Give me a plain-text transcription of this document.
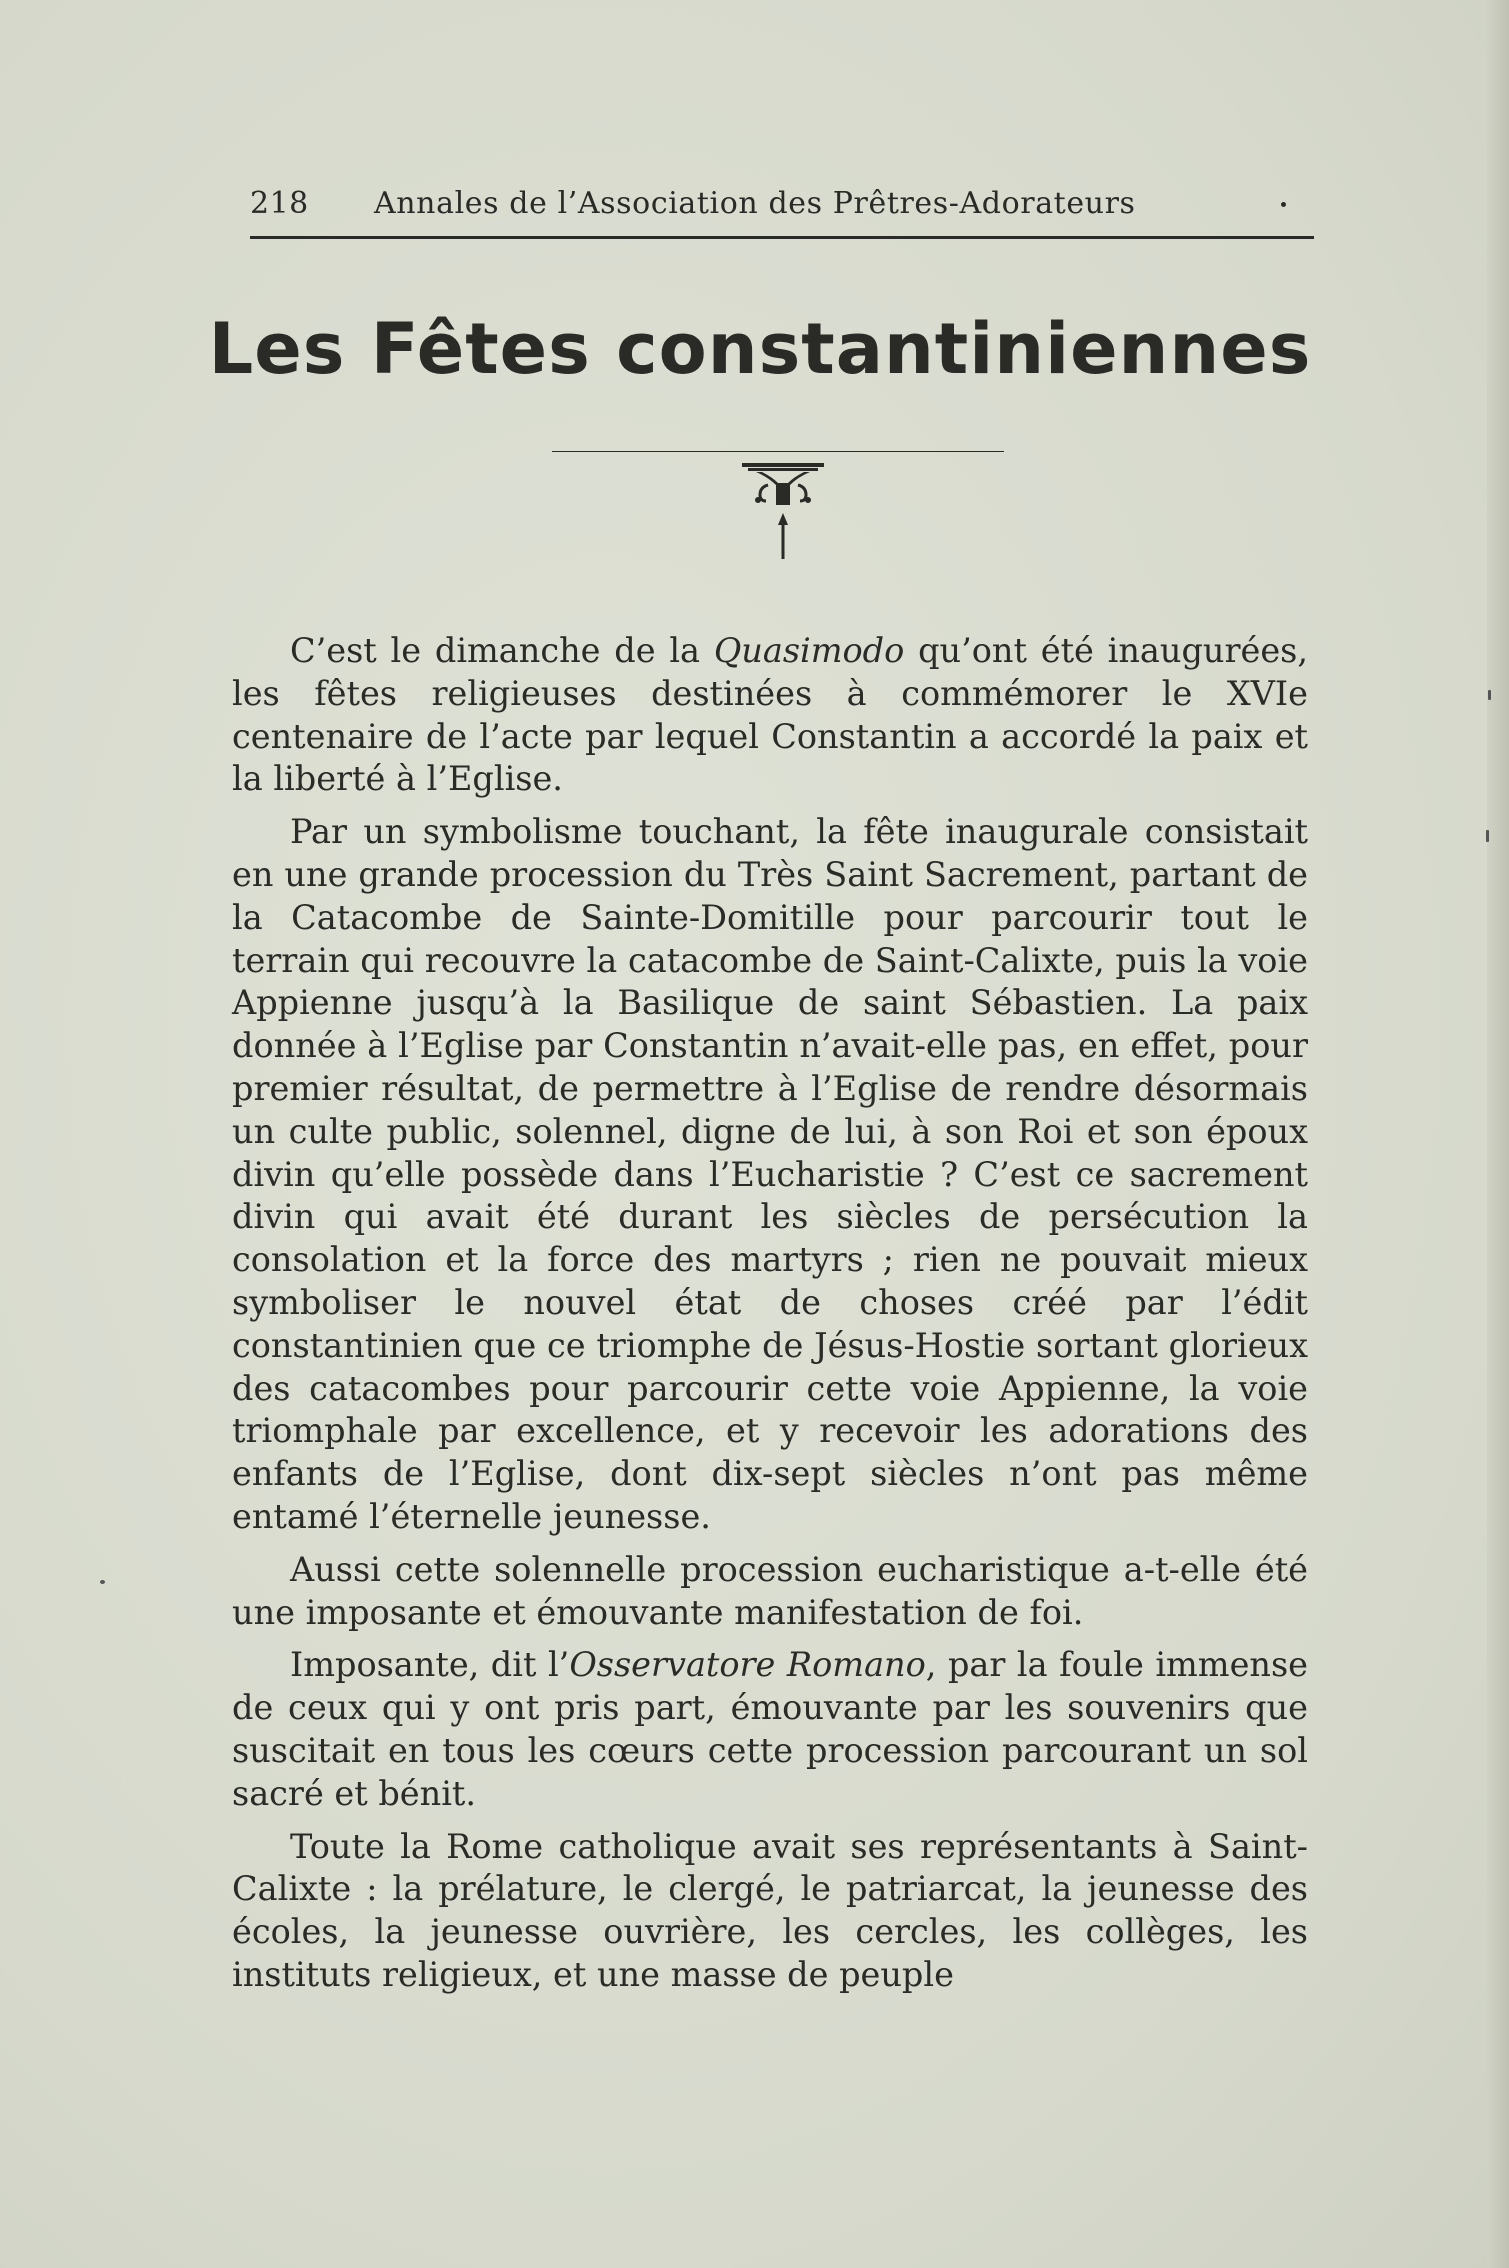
218 Annales de l’Association des Prêtres-Adorateurs
Les Fêtes constantiniennes

C’est le dimanche de la Quasimodo qu’ont été inaugurées, les fêtes religieuses destinées à commémorer le XVIe centenaire de l’acte par lequel Constantin a accordé la paix et la liberté à l’Eglise.

Par un symbolisme touchant, la fête inaugurale consistait en une grande procession du Très Saint Sacrement, partant de la Catacombe de Sainte-Domitille pour parcourir tout le terrain qui recouvre la catacombe de Saint-Calixte, puis la voie Appienne jusqu’à la Basilique de saint Sébastien. La paix donnée à l’Eglise par Constantin n’avait-elle pas, en effet, pour premier résultat, de permettre à l’Eglise de rendre désormais un culte public, solennel, digne de lui, à son Roi et son époux divin qu’elle possède dans l’Eucharistie ? C’est ce sacrement divin qui avait été durant les siècles de persécution la consolation et la force des martyrs ; rien ne pouvait mieux symboliser le nouvel état de choses créé par l’édit constantinien que ce triomphe de Jésus-Hostie sortant glorieux des catacombes pour parcourir cette voie Appienne, la voie triomphale par excellence, et y recevoir les adorations des enfants de l’Eglise, dont dix-sept siècles n’ont pas même entamé l’éternelle jeunesse.

Aussi cette solennelle procession eucharistique a-t-elle été une imposante et émouvante manifestation de foi.

Imposante, dit l’Osservatore Romano, par la foule immense de ceux qui y ont pris part, émouvante par les souvenirs que suscitait en tous les cœurs cette procession parcourant un sol sacré et bénit.

Toute la Rome catholique avait ses représentants à Saint-Calixte : la prélature, le clergé, le patriarcat, la jeunesse des écoles, la jeunesse ouvrière, les cercles, les collèges, les instituts religieux, et une masse de peuple
